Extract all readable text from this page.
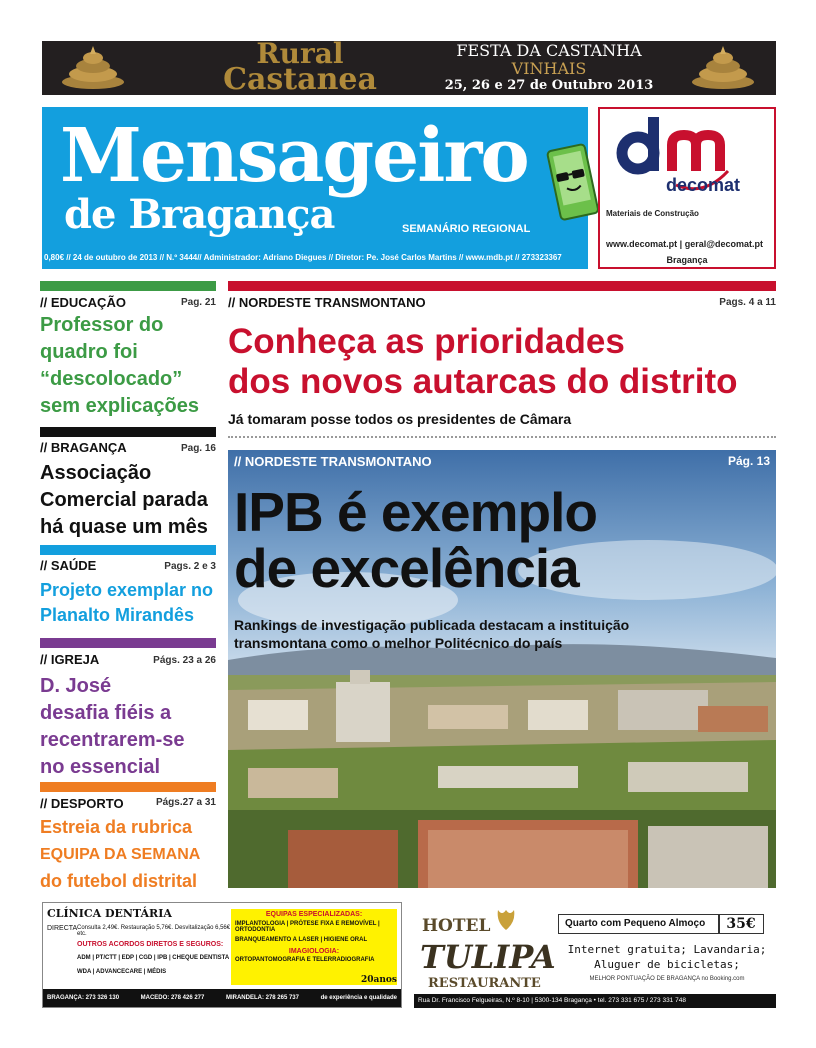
Rural
Castanea
FESTA DA CASTANHA
VINHAIS
25, 26 e 27 de Outubro 2013
Mensageiro
de Bragança	SEMANÁRIO REGIONAL
0,80€ // 24 de outubro de 2013 // N.º 3444// Administrador: Adriano Diegues // Diretor: Pe. José Carlos Martins // www.mdb.pt // 273323367
decomat
Materiais de Construção
www.decomat.pt | geral@decomat.pt
Bragança
// EDUCAÇÃO	Pag. 21
Professor do
quadro foi
“descolocado”
sem explicações
// BRAGANÇA	Pag. 16
Associação
Comercial parada
há quase um mês
// SAÚDE	Pags. 2 e 3
Projeto exemplar no
Planalto Mirandês
// IGREJA	Págs. 23 a 26
D. José
desafia fiéis a
recentrarem-se
no essencial
// DESPORTO	Págs.27 a 31
Estreia da rubrica
EQUIPA DA SEMANA
do futebol distrital
// NORDESTE TRANSMONTANO	Pags. 4 a 11
Conheça as prioridades
dos novos autarcas do distrito
Já tomaram posse todos os presidentes de Câmara
// NORDESTE TRANSMONTANO	Pág. 13
IPB é exemplo
de excelência
Rankings de investigação publicada destacam a instituição
transmontana como o melhor Politécnico do país
CLÍNICA DENTÁRIA
DIRECTA Consulta 2,49€. Restauração 5,76€. Desvitalização 6,56€ etc.
OUTROS ACORDOS DIRETOS E SEGUROS:
ADM | PT/CTT | EDP | CGD | IPB | CHEQUE DENTISTA
WDA | ADVANCECARE | MÉDIS
EQUIPAS ESPECIALIZADAS:
IMPLANTOLOGIA | PRÓTESE FIXA E REMOVÍVEL | ORTODONTIA
BRANQUEAMENTO A LASER | HIGIENE ORAL
IMAGIOLOGIA:
ORTOPANTOMOGRAFIA E TELERRADIOGRAFIA
20anos
BRAGANÇA: 273 326 130	MACEDO: 278 426 277	MIRANDELA: 278 265 737	de experiência e qualidade
HOTEL
TULIPA
RESTAURANTE
Quarto com Pequeno Almoço	35€
Internet gratuita; Lavandaria;
Aluguer de bicicletas;
MELHOR PONTUAÇÃO DE BRAGANÇA no Booking.com
Rua Dr. Francisco Felgueiras, N.º 8-10 | 5300-134 Bragança • tel. 273 331 675 / 273 331 748
